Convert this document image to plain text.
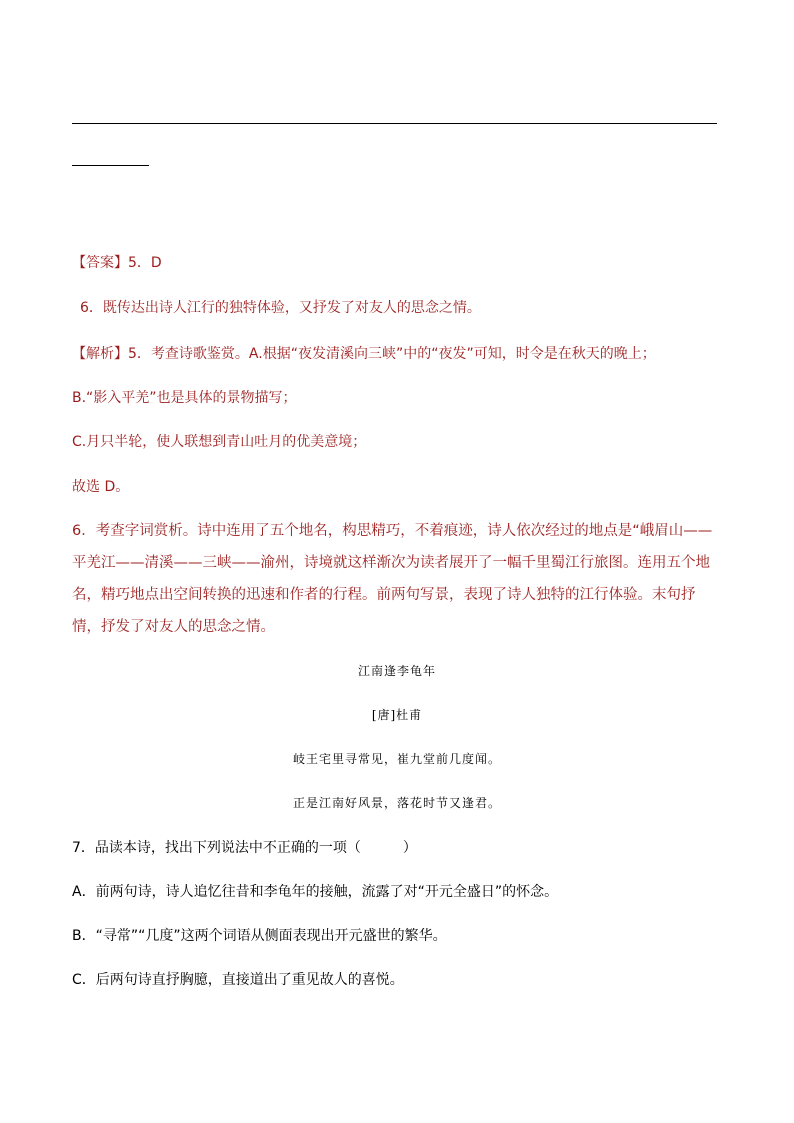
【答案】5．D
6．既传达出诗人江行的独特体验，又抒发了对友人的思念之情。
【解析】5．考查诗歌鉴赏。A.根据“夜发清溪向三峡”中的“夜发”可知，时令是在秋天的晚上；
B.“影入平羌”也是具体的景物描写；
C.月只半轮，使人联想到青山吐月的优美意境；
故选 D。
6．考查字词赏析。诗中连用了五个地名，构思精巧，不着痕迹，诗人依次经过的地点是“峨眉山——平羌江——清溪——三峡——渝州，诗境就这样渐次为读者展开了一幅千里蜀江行旅图。连用五个地名，精巧地点出空间转换的迅速和作者的行程。前两句写景，表现了诗人独特的江行体验。末句抒情，抒发了对友人的思念之情。
江南逢李龟年
[唐]杜甫
岐王宅里寻常见，崔九堂前几度闻。
正是江南好风景，落花时节又逢君。
7．品读本诗，找出下列说法中不正确的一项（　　　）
A．前两句诗，诗人追忆往昔和李龟年的接触，流露了对“开元全盛日”的怀念。
B．“寻常”“几度”这两个词语从侧面表现出开元盛世的繁华。
C．后两句诗直抒胸臆，直接道出了重见故人的喜悦。
